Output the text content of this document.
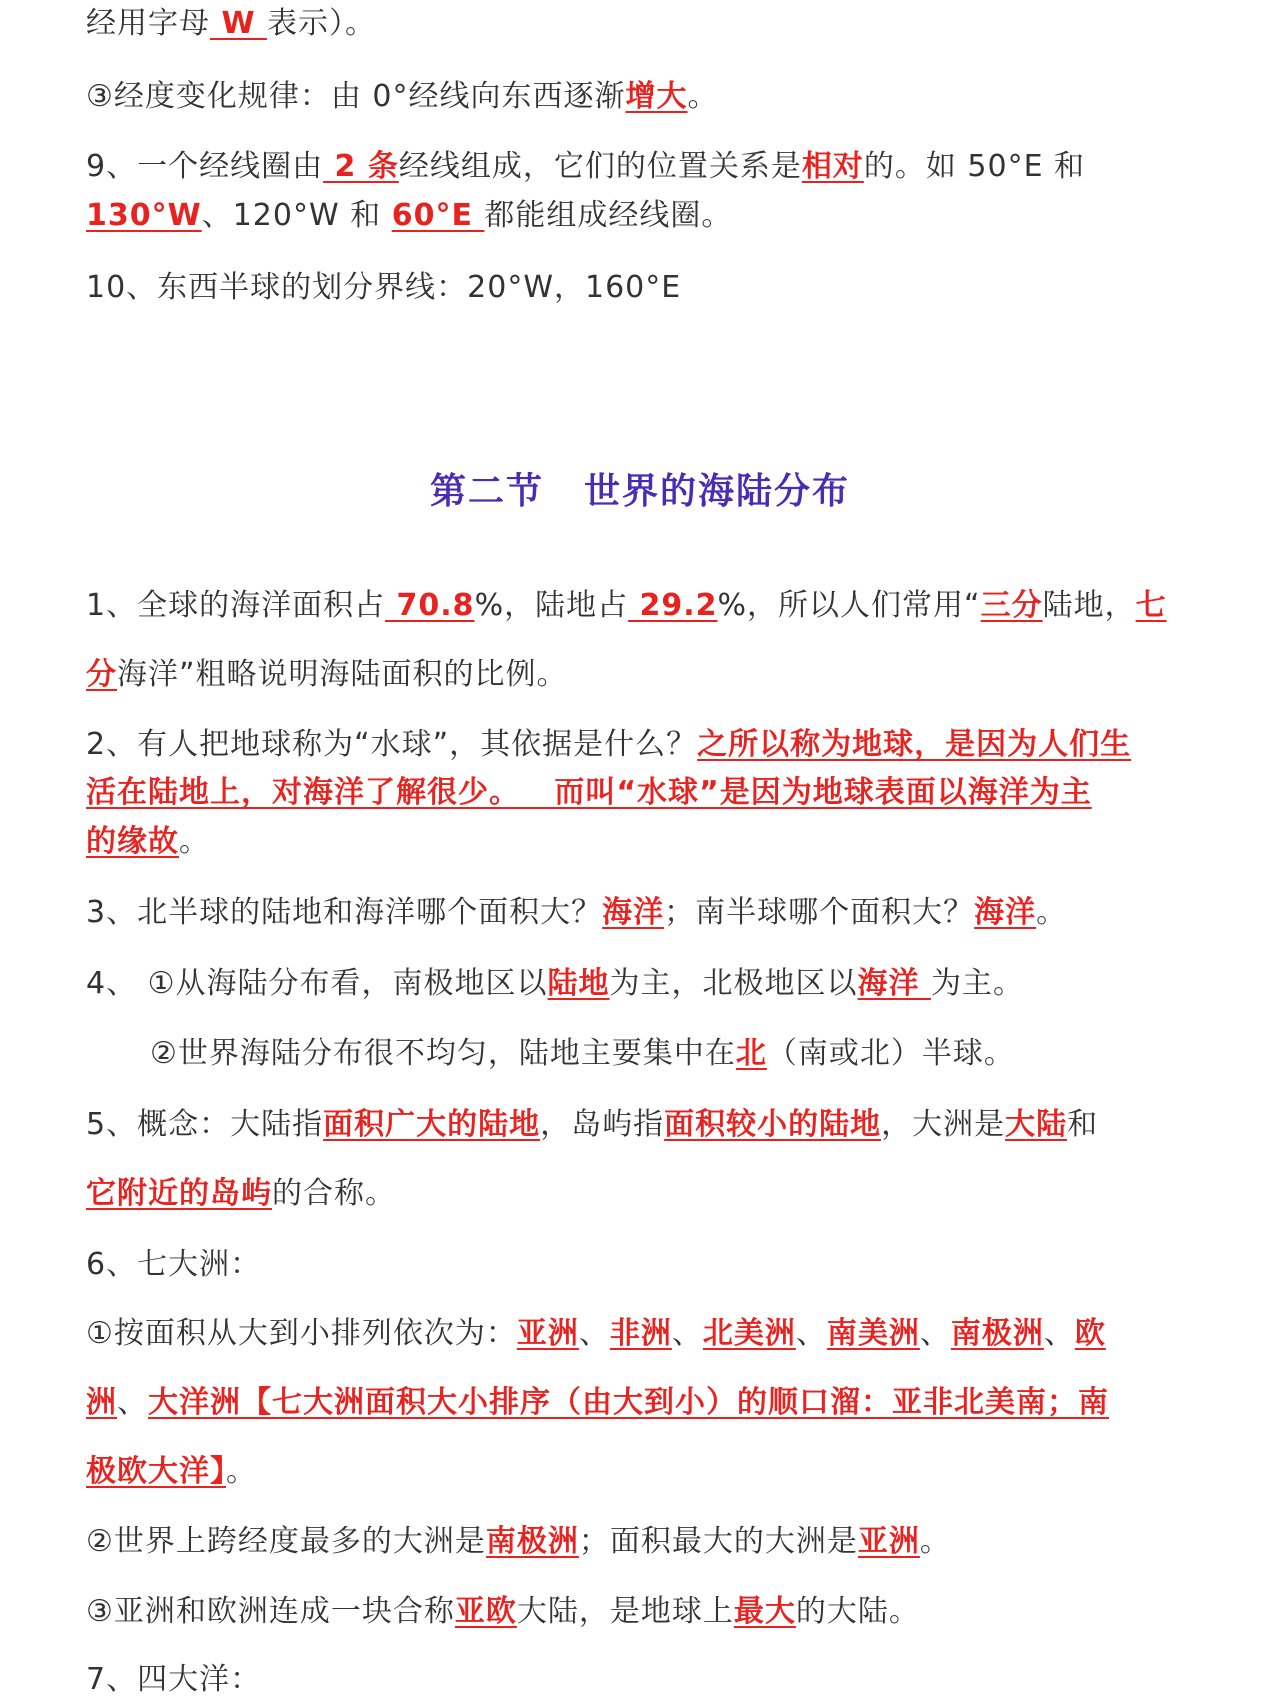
经用字母 W 表示）。
③经度变化规律：由 0°经线向东西逐渐增大。
9、一个经线圈由 2 条经线组成，它们的位置关系是相对的。如 50°E 和
130°W、120°W 和 60°E 都能组成经线圈。
10、东西半球的划分界线：20°W，160°E
第二节 世界的海陆分布
1、全球的海洋面积占 70.8%，陆地占 29.2%，所以人们常用“三分陆地，七
分海洋”粗略说明海陆面积的比例。
2、有人把地球称为“水球”，其依据是什么？之所以称为地球，是因为人们生
活在陆地上，对海洋了解很少。   而叫“水球”是因为地球表面以海洋为主
的缘故。
3、北半球的陆地和海洋哪个面积大？海洋；南半球哪个面积大？海洋。
4、 ①从海陆分布看，南极地区以陆地为主，北极地区以海洋 为主。
②世界海陆分布很不均匀，陆地主要集中在北（南或北）半球。
5、概念：大陆指面积广大的陆地，岛屿指面积较小的陆地，大洲是大陆和
它附近的岛屿的合称。
6、七大洲：
①按面积从大到小排列依次为：亚洲、非洲、北美洲、南美洲、南极洲、欧
洲、大洋洲【七大洲面积大小排序（由大到小）的顺口溜：亚非北美南；南
极欧大洋】。
②世界上跨经度最多的大洲是南极洲；面积最大的大洲是亚洲。
③亚洲和欧洲连成一块合称亚欧大陆，是地球上最大的大陆。
7、四大洋：
